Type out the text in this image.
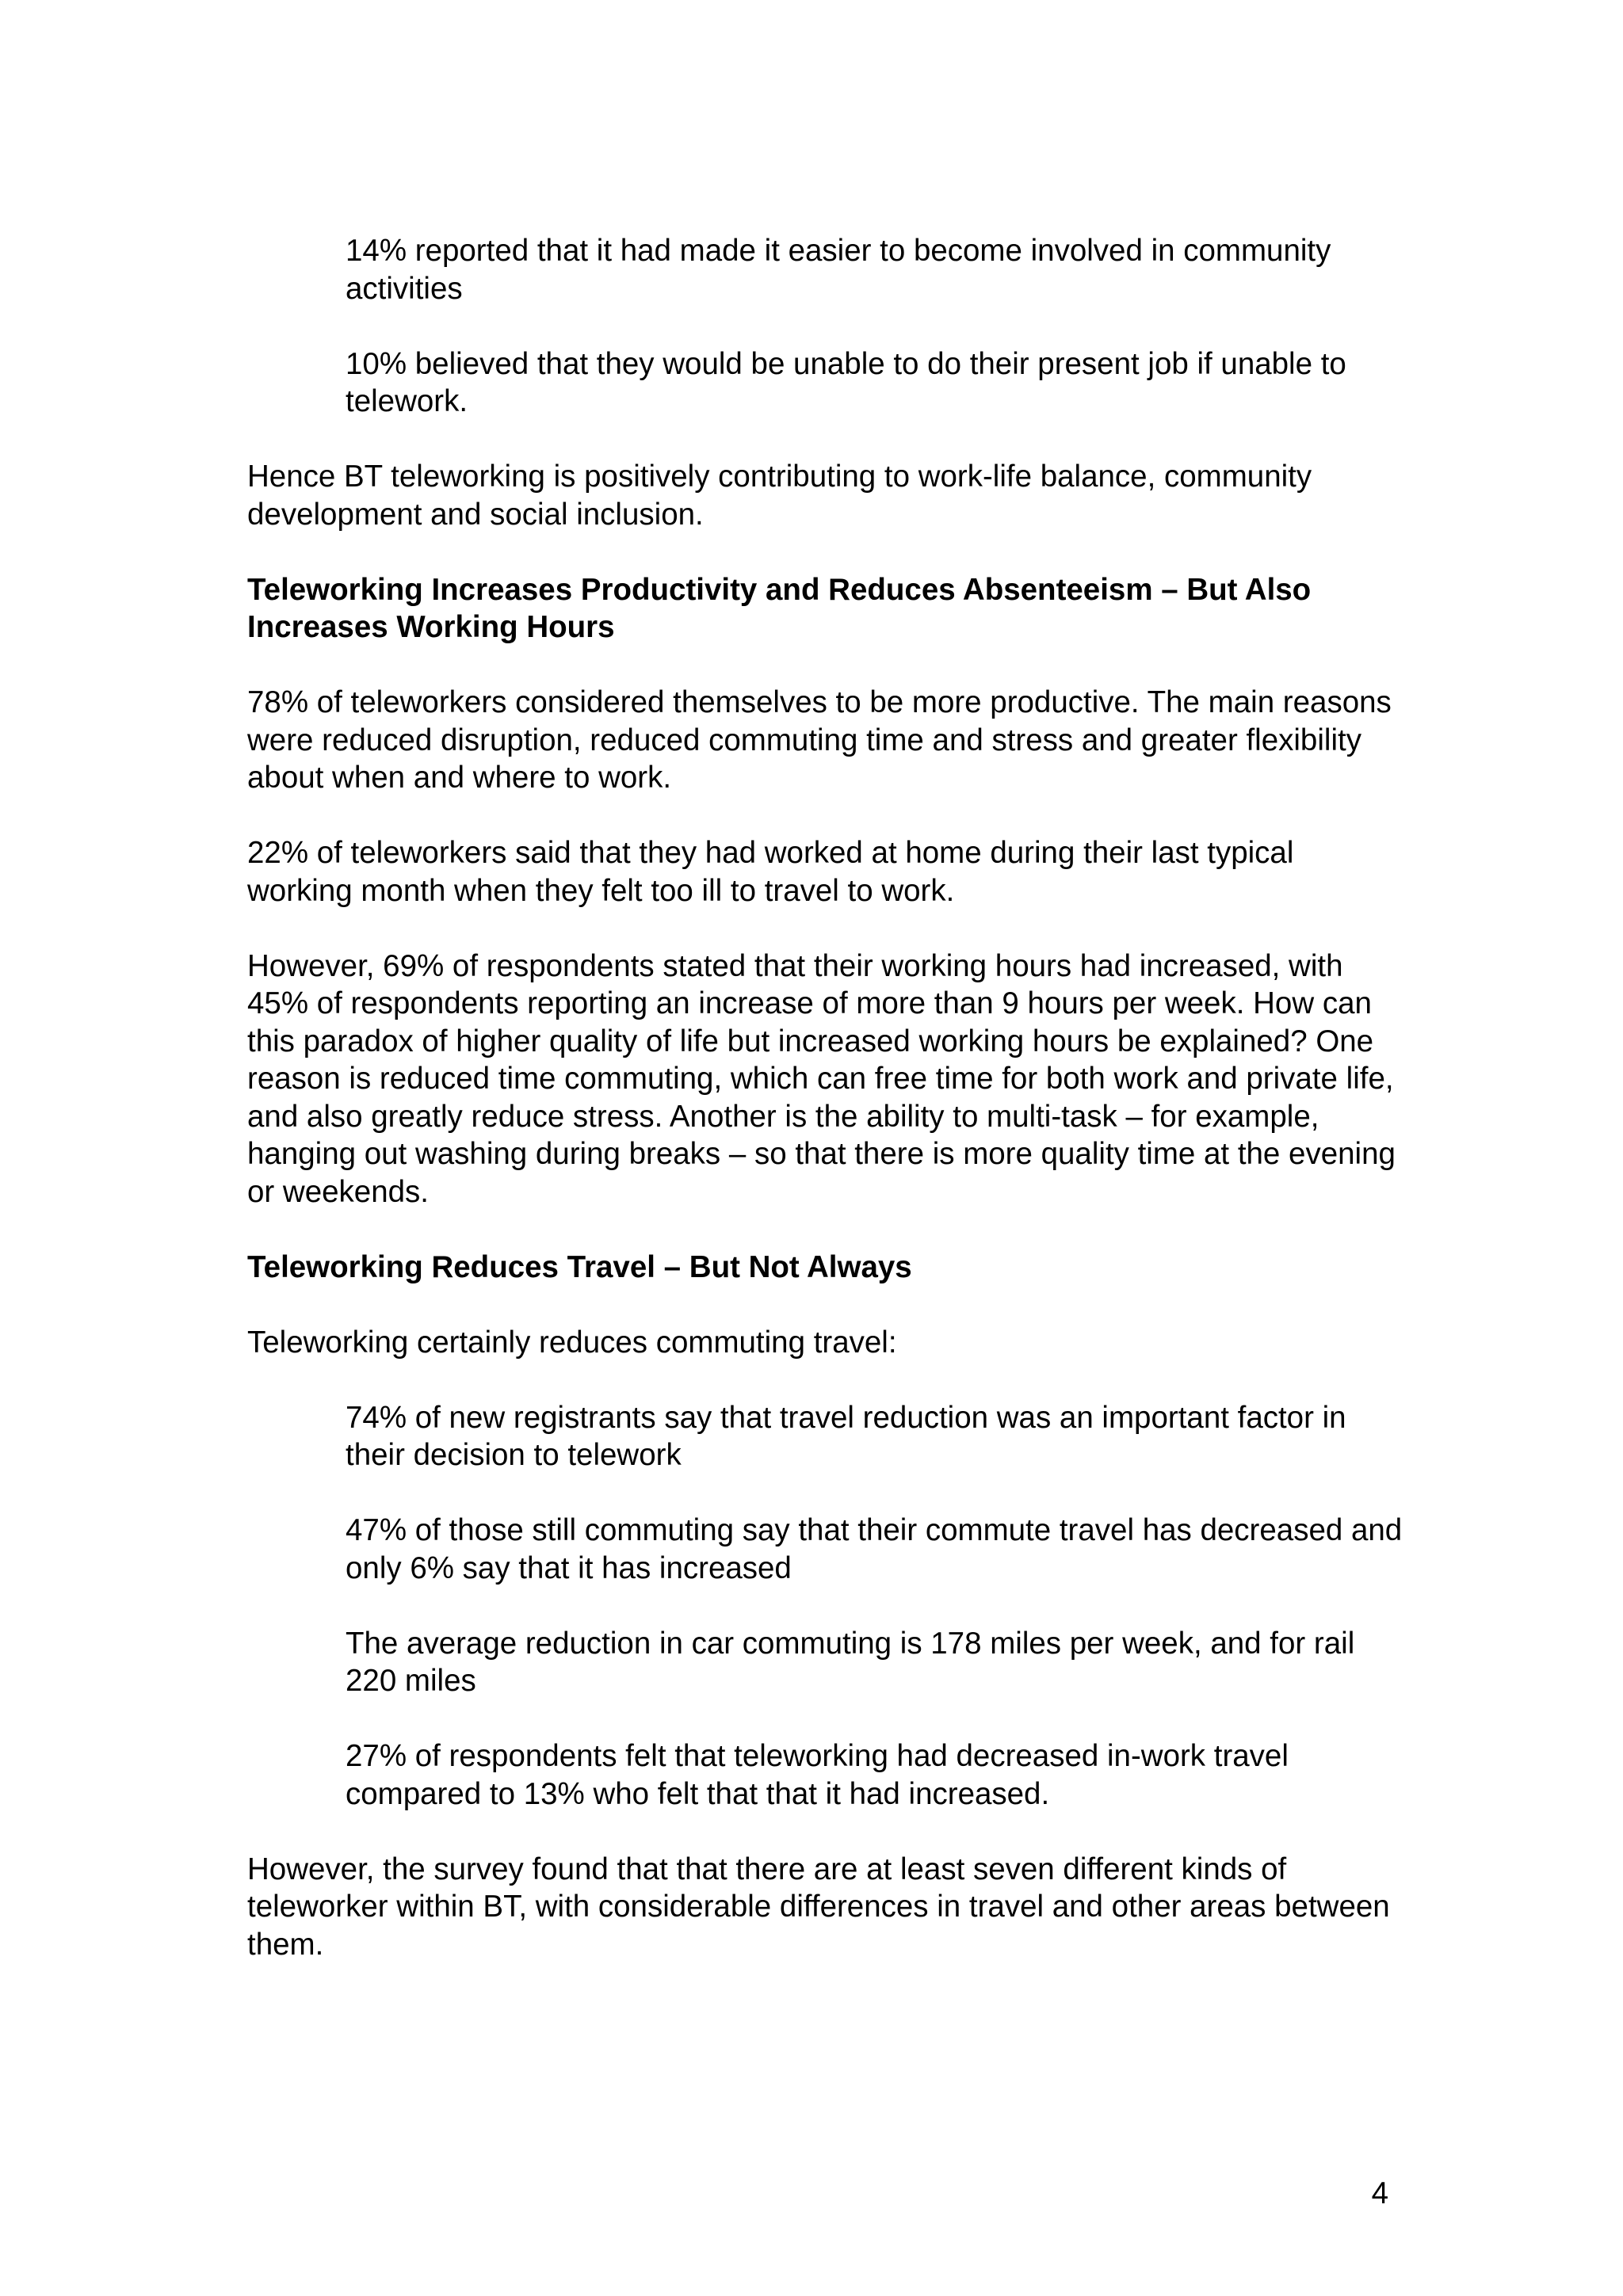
14% reported that it had made it easier to become involved in community activities

10% believed that they would be unable to do their present job if unable to telework.

Hence BT teleworking is positively contributing to work-life balance, community development and social inclusion.

Teleworking Increases Productivity and Reduces Absenteeism – But Also Increases Working Hours

78% of teleworkers considered themselves to be more productive. The main reasons were reduced disruption, reduced commuting time and stress and greater flexibility about when and where to work.

22% of teleworkers said that they had worked at home during their last typical working month when they felt too ill to travel to work.

However, 69% of respondents stated that their working hours had increased, with 45% of respondents reporting an increase of more than 9 hours per week. How can this paradox of higher quality of life but increased working hours be explained? One reason is reduced time commuting, which can free time for both work and private life, and also greatly reduce stress. Another is the ability to multi-task – for example, hanging out washing during breaks – so that there is more quality time at the evening or weekends.

Teleworking Reduces Travel – But Not Always

Teleworking certainly reduces commuting travel:

74% of new registrants say that travel reduction was an important factor in their decision to telework

47% of those still commuting say that their commute travel has decreased and only 6% say that it has increased

The average reduction in car commuting is 178 miles per week, and for rail 220 miles

27% of respondents felt that teleworking had decreased in-work travel compared to 13% who felt that that it had increased.

However, the survey found that that there are at least seven different kinds of teleworker within BT, with considerable differences in travel and other areas between them.

4
